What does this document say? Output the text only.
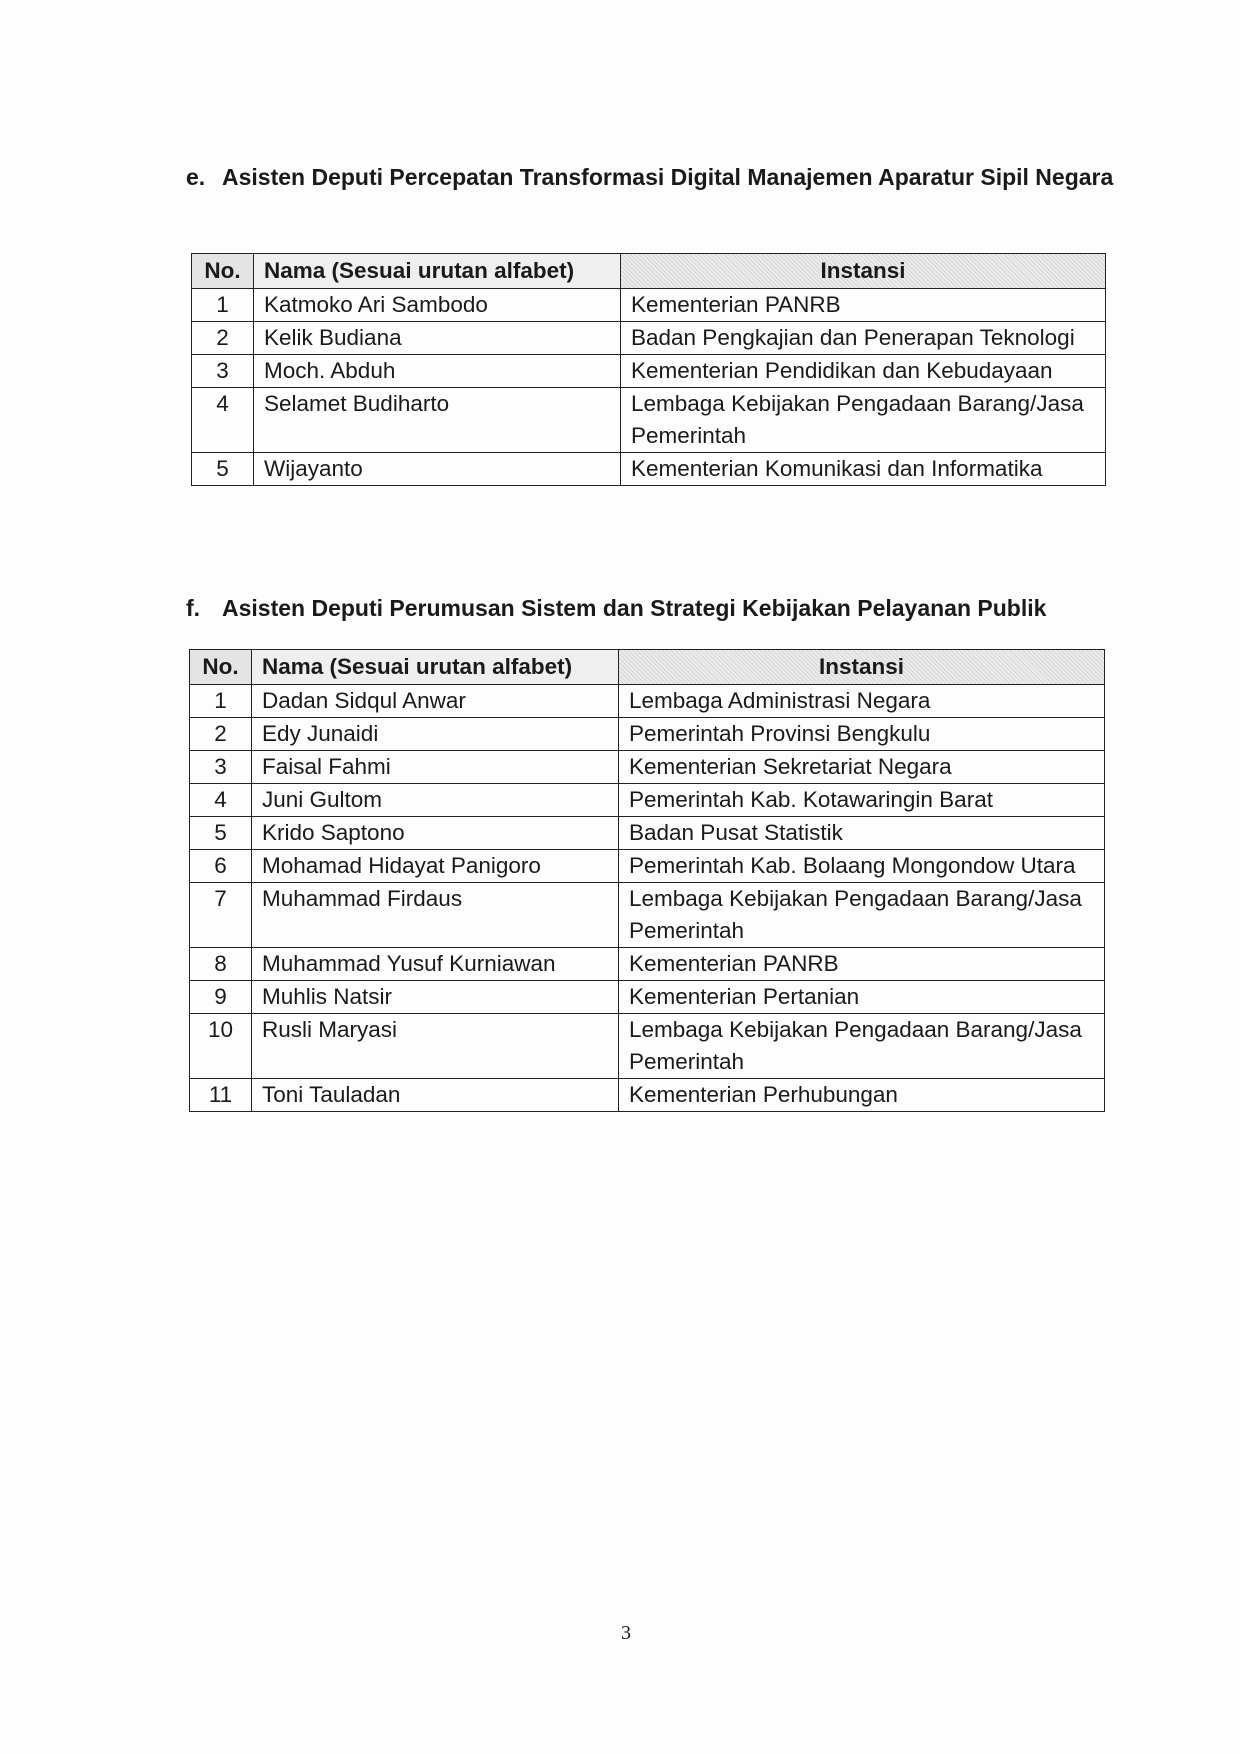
e. Asisten Deputi Percepatan Transformasi Digital Manajemen Aparatur Sipil Negara
No.	Nama (Sesuai urutan alfabet)	Instansi
1	Katmoko Ari Sambodo	Kementerian PANRB
2	Kelik Budiana	Badan Pengkajian dan Penerapan Teknologi
3	Moch. Abduh	Kementerian Pendidikan dan Kebudayaan
4	Selamet Budiharto	Lembaga Kebijakan Pengadaan Barang/Jasa Pemerintah
5	Wijayanto	Kementerian Komunikasi dan Informatika
f. Asisten Deputi Perumusan Sistem dan Strategi Kebijakan Pelayanan Publik
No.	Nama (Sesuai urutan alfabet)	Instansi
1	Dadan Sidqul Anwar	Lembaga Administrasi Negara
2	Edy Junaidi	Pemerintah Provinsi Bengkulu
3	Faisal Fahmi	Kementerian Sekretariat Negara
4	Juni Gultom	Pemerintah Kab. Kotawaringin Barat
5	Krido Saptono	Badan Pusat Statistik
6	Mohamad Hidayat Panigoro	Pemerintah Kab. Bolaang Mongondow Utara
7	Muhammad Firdaus	Lembaga Kebijakan Pengadaan Barang/Jasa Pemerintah
8	Muhammad Yusuf Kurniawan	Kementerian PANRB
9	Muhlis Natsir	Kementerian Pertanian
10	Rusli Maryasi	Lembaga Kebijakan Pengadaan Barang/Jasa Pemerintah
11	Toni Tauladan	Kementerian Perhubungan
3
